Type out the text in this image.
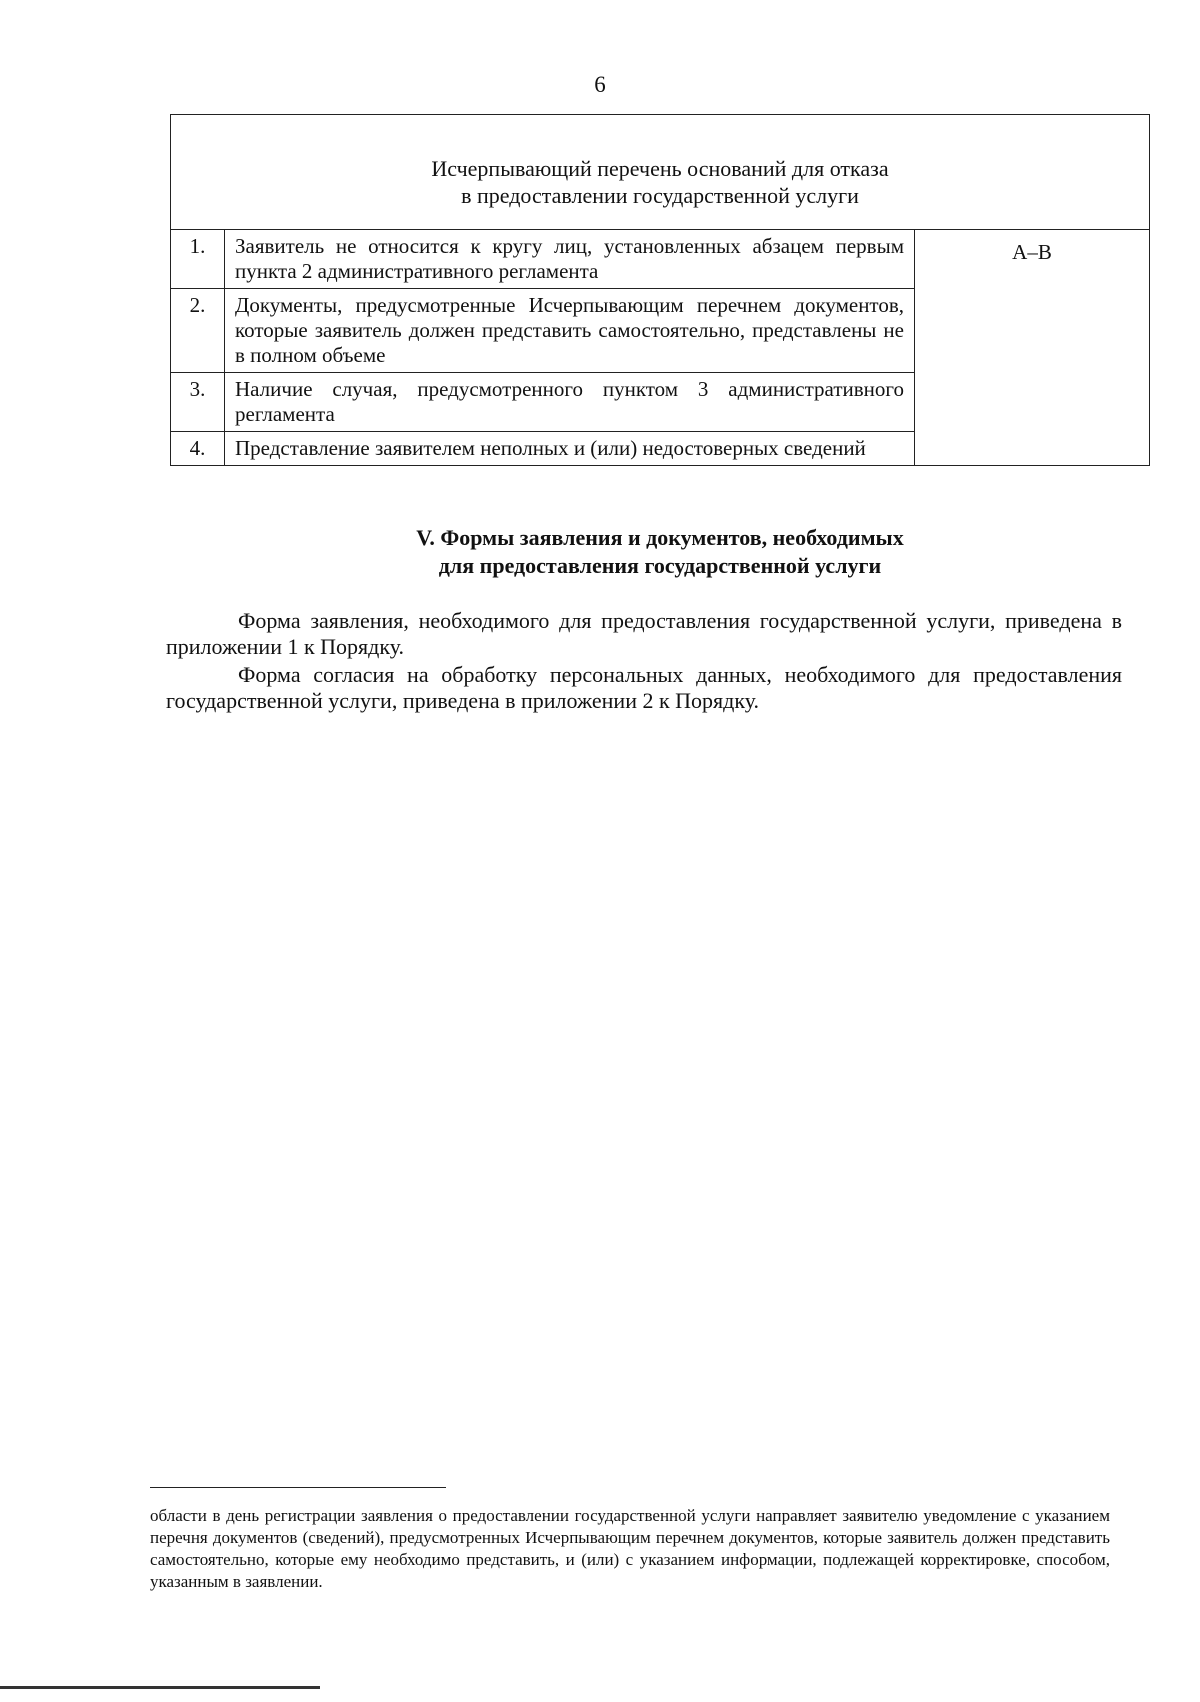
6
Исчерпывающий перечень оснований для отказа
в предоставлении государственной услуги		
1.	Заявитель не относится к кругу лиц, установленных абзацем первым пункта 2 административного регламента	А–В
2.	Документы, предусмотренные Исчерпывающим перечнем документов, которые заявитель должен представить самостоятельно, представлены не в полном объеме	
3.	Наличие случая, предусмотренного пунктом 3 административного регламента	
4.	Представление заявителем неполных и (или) недостоверных сведений	
V. Формы заявления и документов, необходимых
для предоставления государственной услуги

Форма заявления, необходимого для предоставления государственной услуги, приведена в приложении 1 к Порядку.

Форма согласия на обработку персональных данных, необходимого для предоставления государственной услуги, приведена в приложении 2 к Порядку.

области в день регистрации заявления о предоставлении государственной услуги направляет заявителю уведомление с указанием перечня документов (сведений), предусмотренных Исчерпывающим перечнем документов, которые заявитель должен представить самостоятельно, которые ему необходимо представить, и (или) с указанием информации, подлежащей корректировке, способом, указанным в заявлении.
